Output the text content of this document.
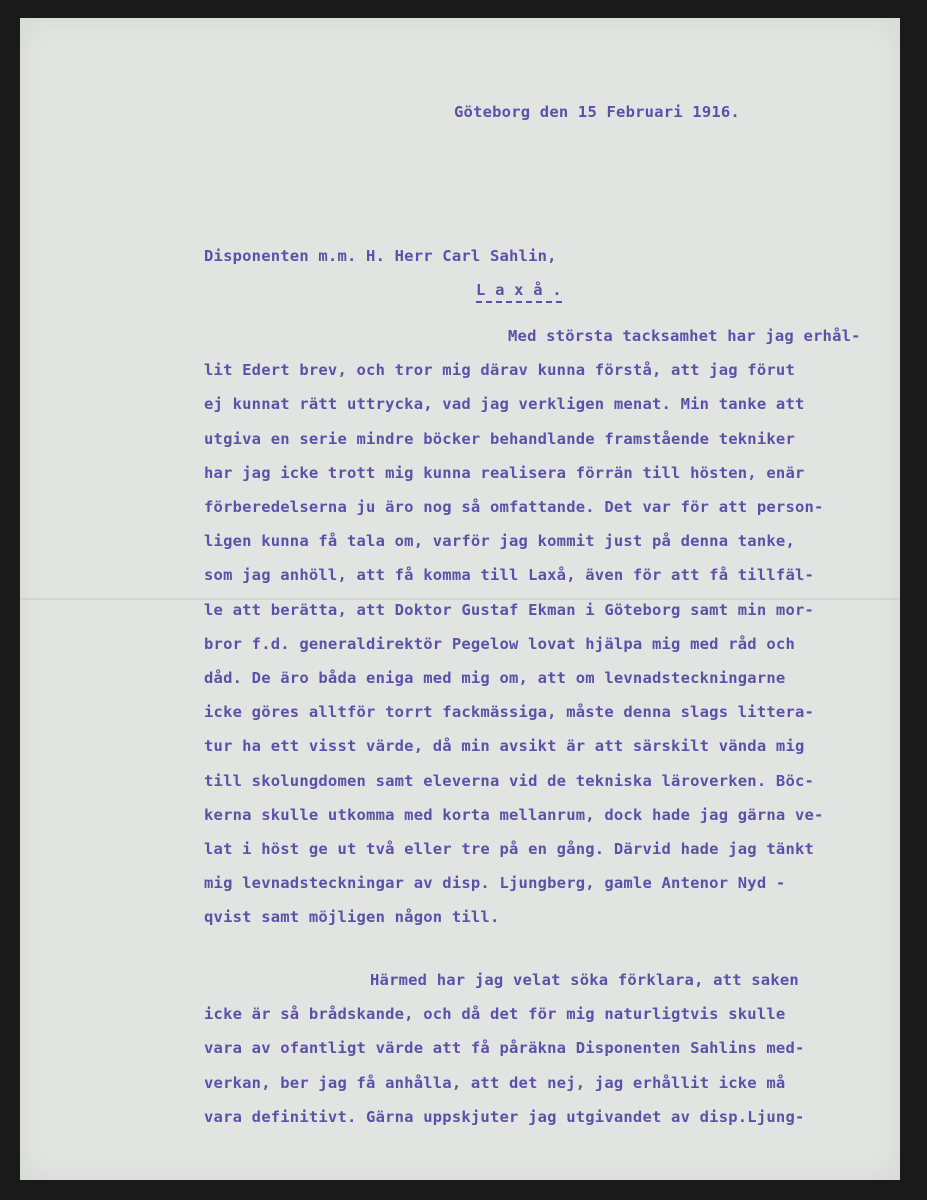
Göteborg den 15 Februari 1916.
Disponenten m.m. H. Herr Carl Sahlin,
L a x å .
Med största tacksamhet har jag erhål-
lit Edert brev, och tror mig därav kunna förstå, att jag förut
ej kunnat rätt uttrycka, vad jag verkligen menat. Min tanke att
utgiva en serie mindre böcker behandlande framstående tekniker
har jag icke trott mig kunna realisera förrän till hösten, enär
förberedelserna ju äro nog så omfattande. Det var för att person-
ligen kunna få tala om, varför jag kommit just på denna tanke,
som jag anhöll, att få komma till Laxå, även för att få tillfäl-
le att berätta, att Doktor Gustaf Ekman i Göteborg samt min mor-
bror f.d. generaldirektör Pegelow lovat hjälpa mig med råd och
dåd. De äro båda eniga med mig om, att om levnadsteckningarne
icke göres alltför torrt fackmässiga, måste denna slags littera-
tur ha ett visst värde, då min avsikt är att särskilt vända mig
till skolungdomen samt eleverna vid de tekniska läroverken. Böc-
kerna skulle utkomma med korta mellanrum, dock hade jag gärna ve-
lat i höst ge ut två eller tre på en gång. Därvid hade jag tänkt
mig levnadsteckningar av disp. Ljungberg, gamle Antenor Nyd -
qvist samt möjligen någon till.
Härmed har jag velat söka förklara, att saken
icke är så brådskande, och då det för mig naturligtvis skulle
vara av ofantligt värde att få påräkna Disponenten Sahlins med-
verkan, ber jag få anhålla, att det nej, jag erhållit icke må
vara definitivt. Gärna uppskjuter jag utgivandet av disp.Ljung-
